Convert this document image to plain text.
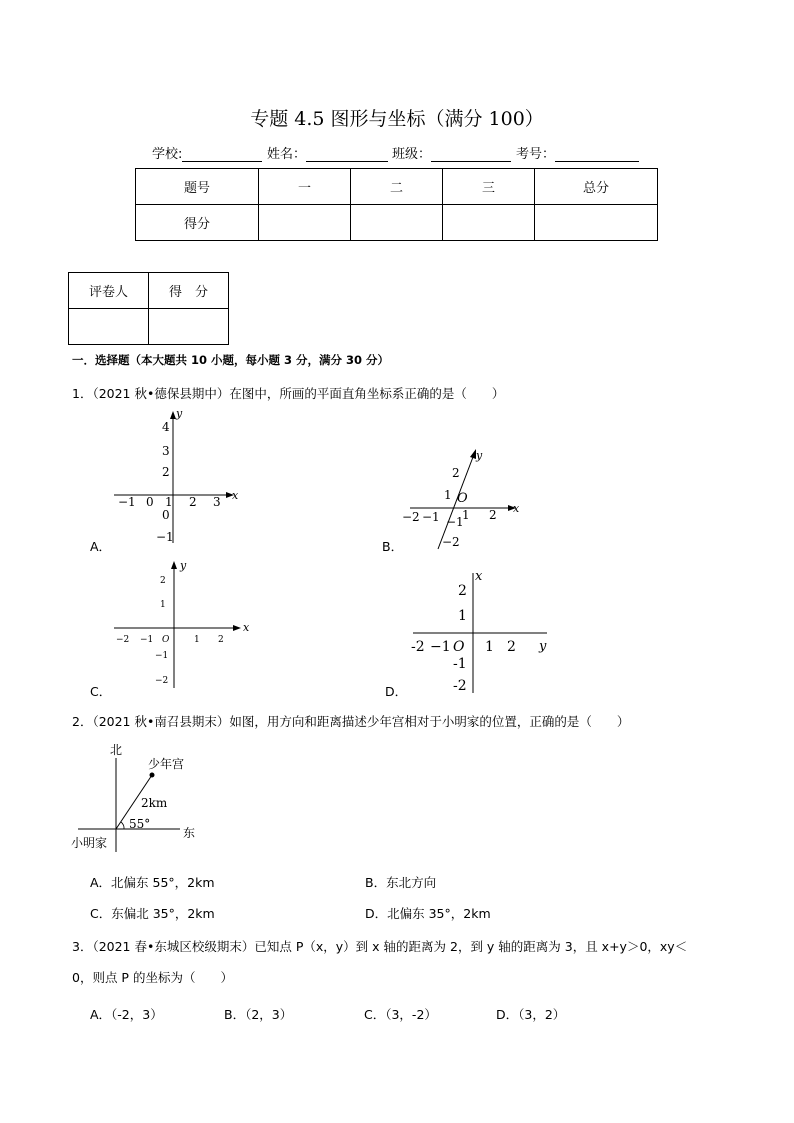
专题 4.5 图形与坐标（满分 100）
学校:	姓名：	班级：	考号：
题号	一	二	三	总分
得分				
评卷人	得　分

一．选择题（本大题共 10 小题，每小题 3 分，满分 30 分）
1．（2021 秋•德保县期中）在图中，所画的平面直角坐标系正确的是（　　）
y
x
−1 0 1 2 3
4
3
2
0
−1
A．
y
x
O
−2 −1 1 2
2
1
−1
−2
B．
y
x
−2 −1 O	1 2
2
1
−1
−2
C．
x
y
-2 −1 O 1 2
2
1
-1
-2
D．
2．（2021 秋•南召县期末）如图，用方向和距离描述少年宫相对于小明家的位置，正确的是（　　）
北
东
小明家
少年宫
2km
55°
A．北偏东 55°，2km	B．东北方向
C．东偏北 35°，2km	D．北偏东 35°，2km
3．（2021 春•东城区校级期末）已知点 P（x，y）到 x 轴的距离为 2，到 y 轴的距离为 3，且 x+y＞0，xy＜
0，则点 P 的坐标为（　　）
A．（-2，3）	B．（2，3）	C．（3，-2）	D．（3，2）
